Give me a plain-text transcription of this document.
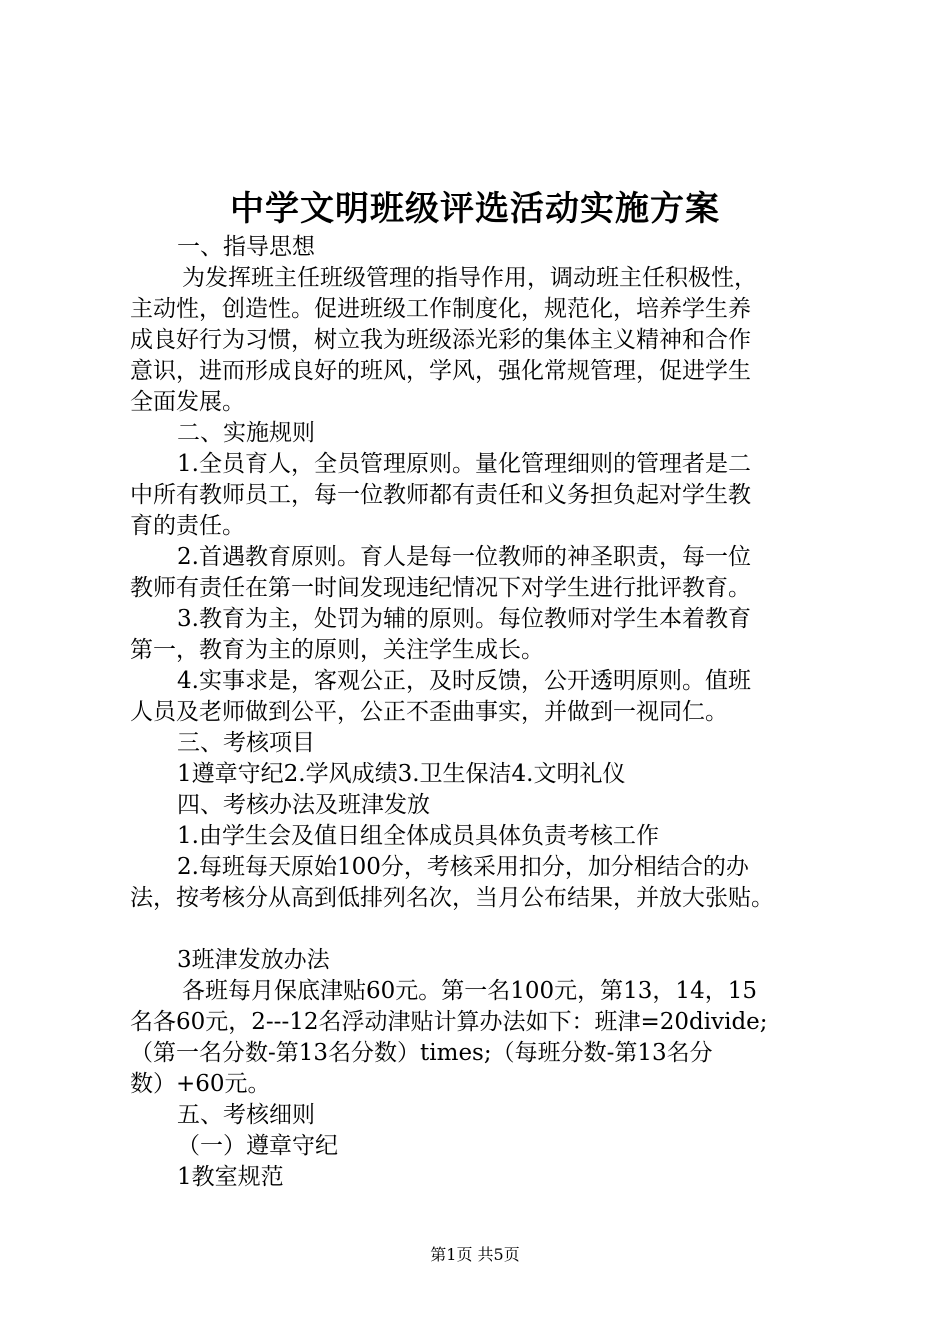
中学文明班级评选活动实施方案
一、指导思想
为发挥班主任班级管理的指导作用，调动班主任积极性，
主动性，创造性。促进班级工作制度化，规范化，培养学生养
成良好行为习惯，树立我为班级添光彩的集体主义精神和合作
意识，进而形成良好的班风，学风，强化常规管理，促进学生
全面发展。
二、实施规则
1.全员育人，全员管理原则。量化管理细则的管理者是二
中所有教师员工，每一位教师都有责任和义务担负起对学生教
育的责任。
2.首遇教育原则。育人是每一位教师的神圣职责，每一位
教师有责任在第一时间发现违纪情况下对学生进行批评教育。
3.教育为主，处罚为辅的原则。每位教师对学生本着教育
第一，教育为主的原则，关注学生成长。
4.实事求是，客观公正，及时反馈，公开透明原则。值班
人员及老师做到公平，公正不歪曲事实，并做到一视同仁。
三、考核项目
1遵章守纪2.学风成绩3.卫生保洁4.文明礼仪
四、考核办法及班津发放
1.由学生会及值日组全体成员具体负责考核工作
2.每班每天原始100分，考核采用扣分，加分相结合的办
法，按考核分从高到低排列名次，当月公布结果，并放大张贴。
3班津发放办法
各班每月保底津贴60元。第一名100元，第13，14，15
名各60元，2---12名浮动津贴计算办法如下：班津=20divide;
（第一名分数-第13名分数）times;（每班分数-第13名分
数）+60元。
五、考核细则
（一）遵章守纪
1教室规范
第1页 共5页
